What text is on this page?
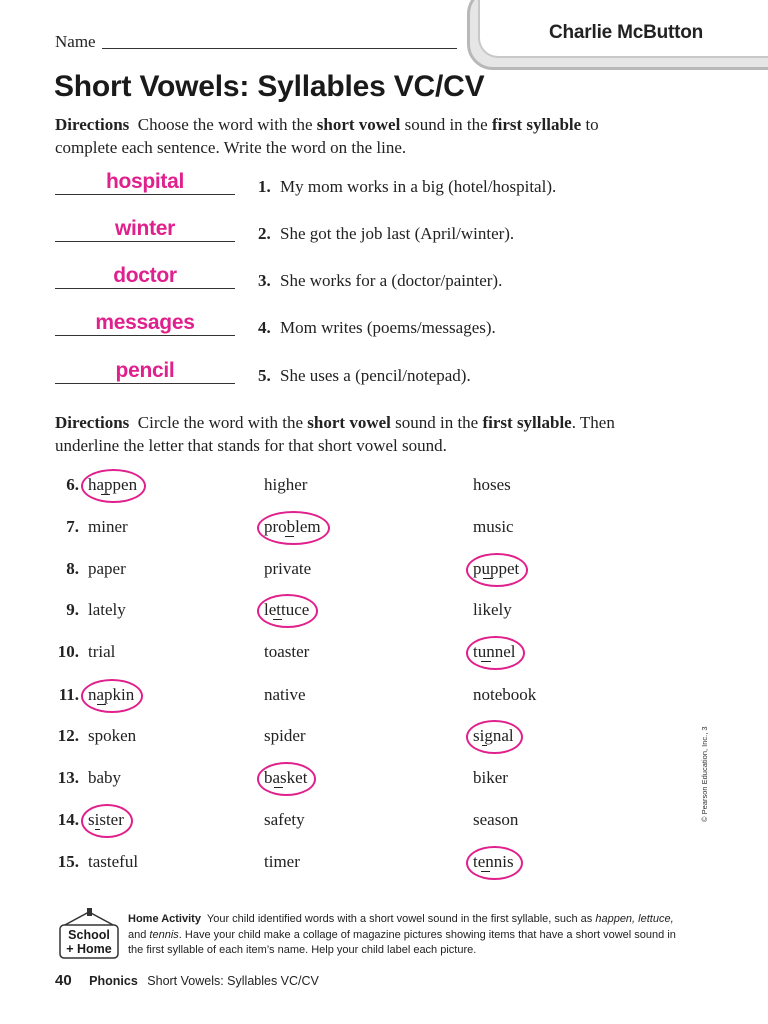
Charlie McButton
Name
Short Vowels: Syllables VC/CV
Directions Choose the word with the short vowel sound in the first syllable to
complete each sentence. Write the word on the line.
hospital	1. My mom works in a big (hotel/hospital).
winter	2. She got the job last (April/winter).
doctor	3. She works for a (doctor/painter).
messages	4. Mom writes (poems/messages).
pencil	5. She uses a (pencil/notepad).
Directions Circle the word with the short vowel sound in the first syllable. Then
underline the letter that stands for that short vowel sound.
6. happen	higher	hoses
7. miner	problem	music
8. paper	private	puppet
9. lately	lettuce	likely
10. trial	toaster	tunnel
11. napkin	native	notebook
12. spoken	spider	signal
13. baby	basket	biker
14. sister	safety	season
15. tasteful	timer	tennis
© Pearson Education, Inc., 3
School
+ Home
Home Activity Your child identified words with a short vowel sound in the first syllable, such as happen, lettuce, and tennis. Have your child make a collage of magazine pictures showing items that have a short vowel sound in the first syllable of each item’s name. Help your child label each picture.
40 Phonics Short Vowels: Syllables VC/CV
